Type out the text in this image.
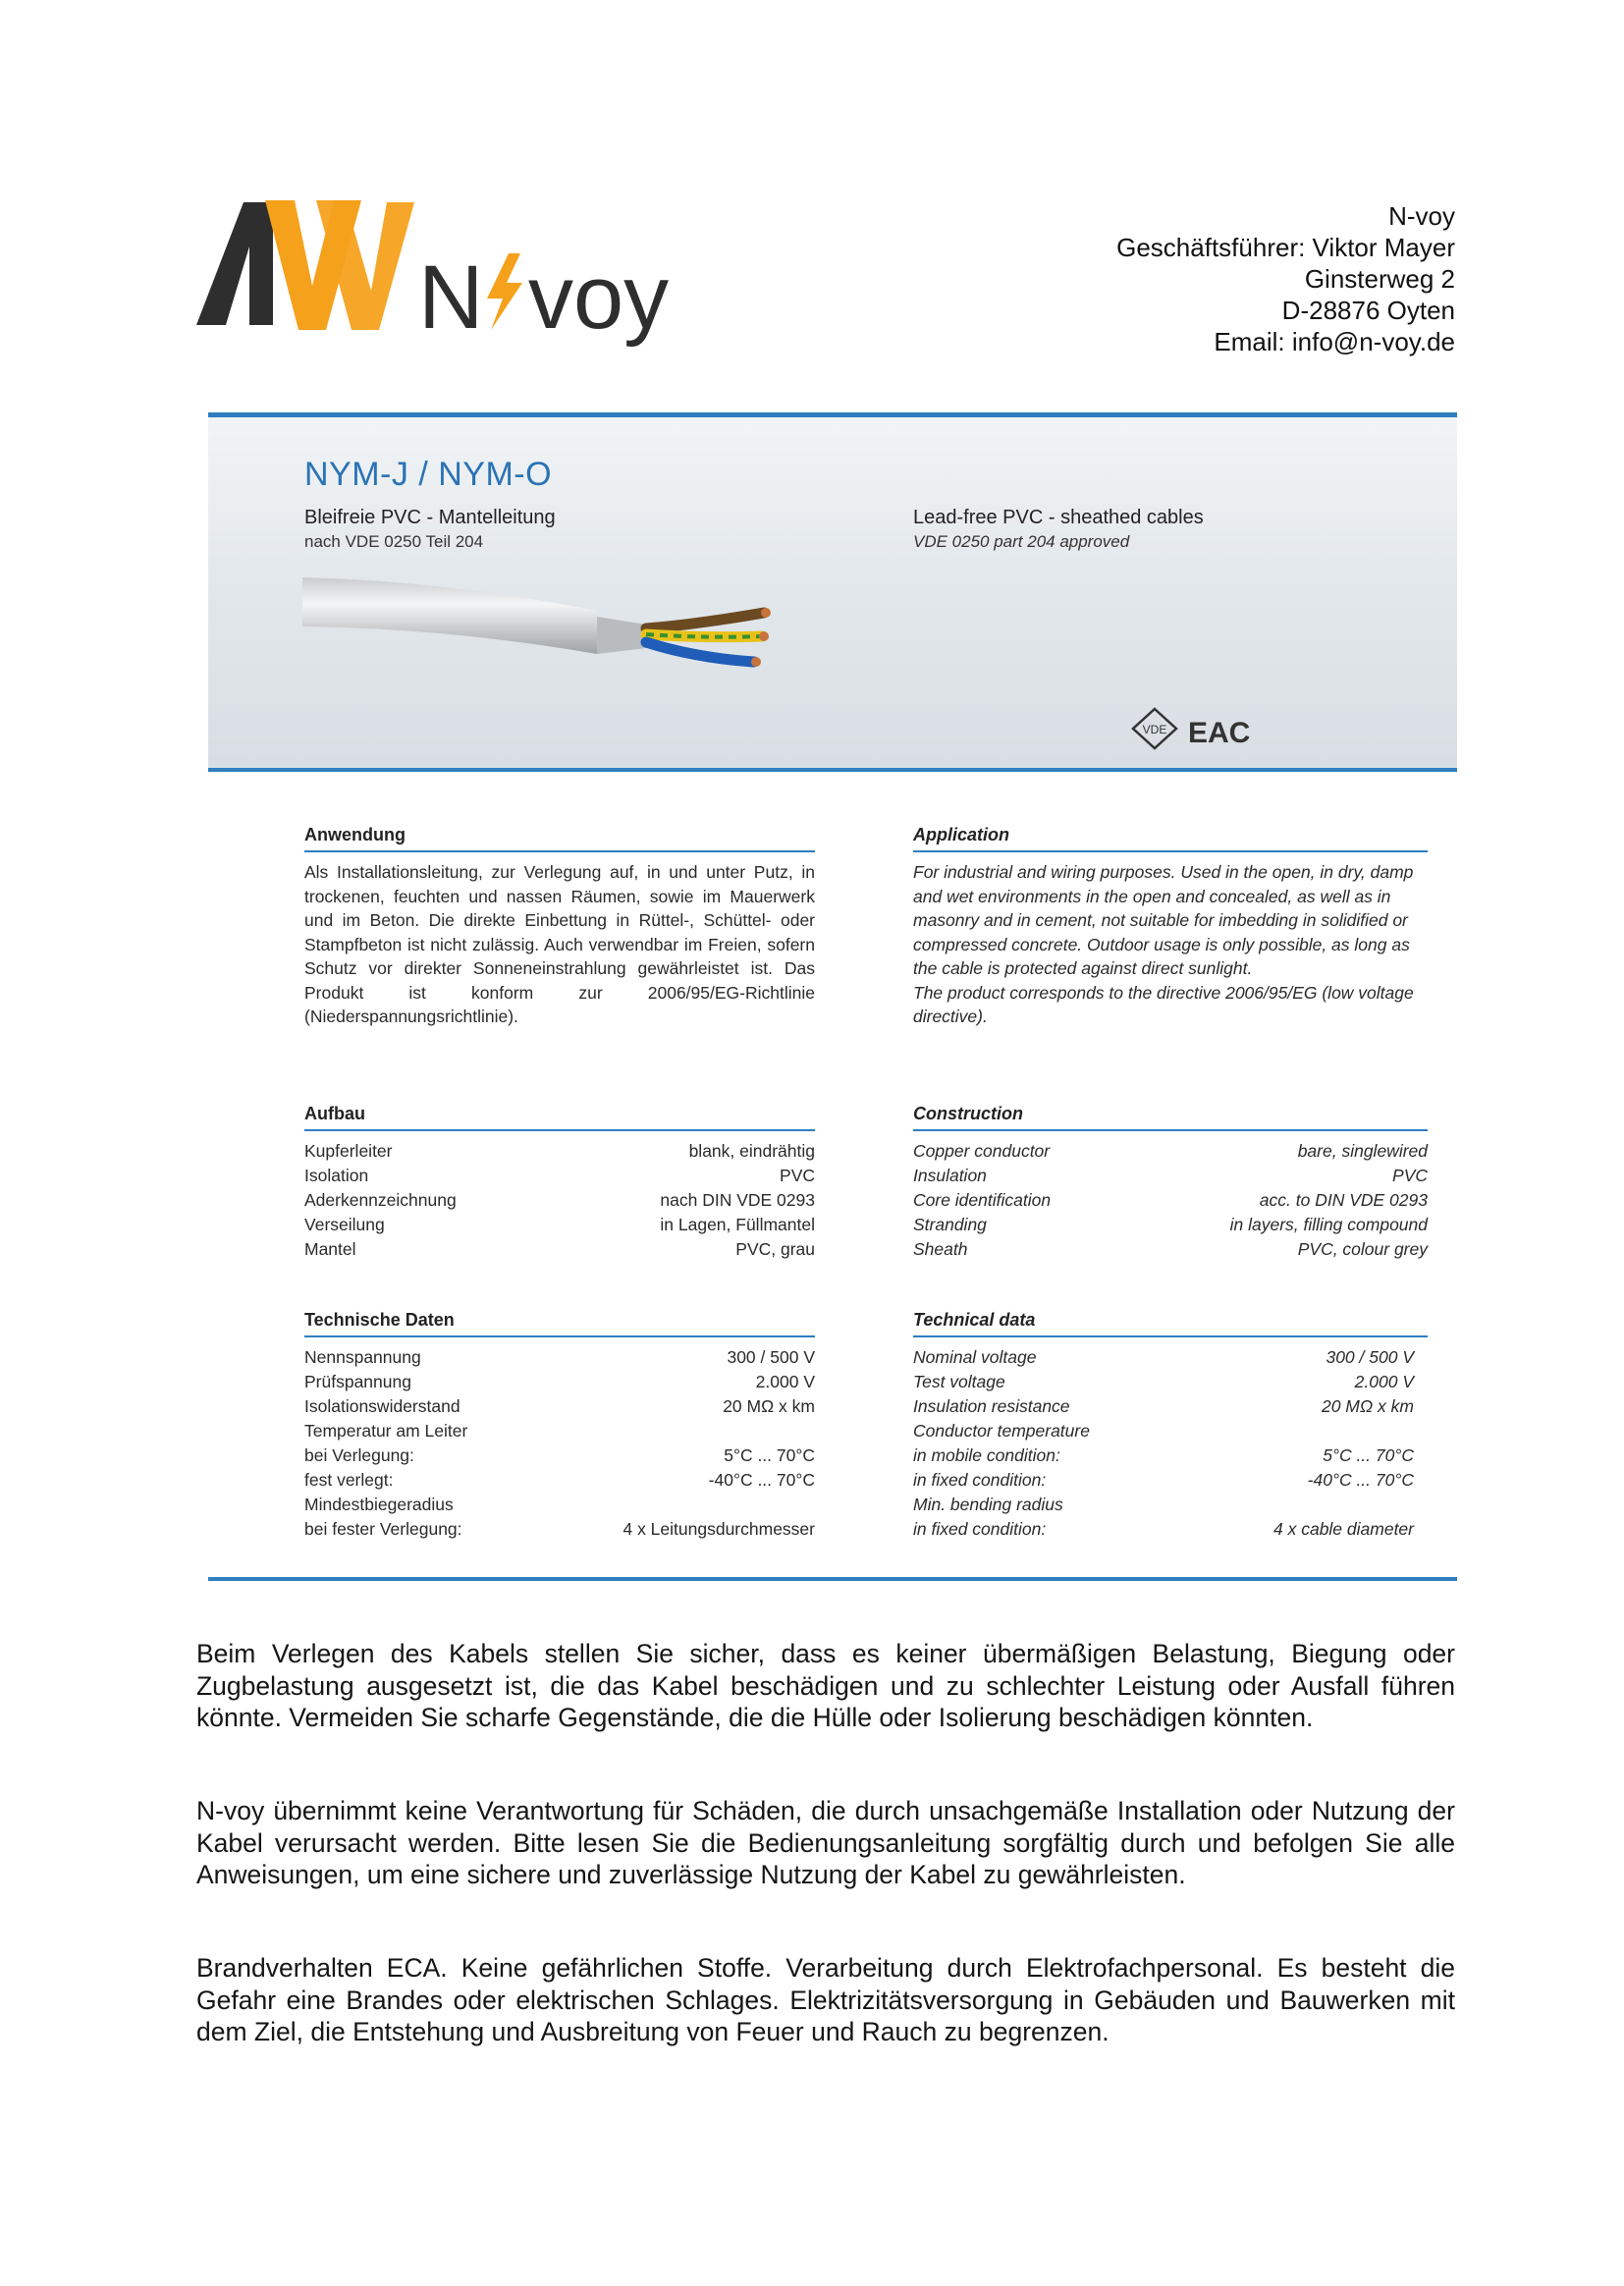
N voy
N-voy
Geschäftsführer: Viktor Mayer
Ginsterweg 2
D-28876 Oyten
Email: info@n-voy.de
NYM-J / NYM-O
Bleifreie PVC - Mantelleitung
nach VDE 0250 Teil 204
Lead-free PVC - sheathed cables
VDE 0250 part 204 approved
VDE EAC
Anwendung
Als Installationsleitung, zur Verlegung auf, in und unter Putz, in trockenen, feuchten und nassen Räumen, sowie im Mauerwerk und im Beton. Die direkte Einbettung in Rüttel-, Schüttel- oder Stampfbeton ist nicht zulässig. Auch verwendbar im Freien, sofern Schutz vor direkter Sonneneinstrahlung gewährleistet ist. Das Produkt ist konform zur 2006/95/EG-Richtlinie (Niederspannungsrichtlinie).
Application
For industrial and wiring purposes. Used in the open, in dry, damp and wet environments in the open and concealed, as well as in masonry and in cement, not suitable for imbedding in solidified or compressed concrete. Outdoor usage is only possible, as long as the cable is protected against direct sunlight.
The product corresponds to the directive 2006/95/EG (low voltage directive).
Aufbau
Kupferleiter	blank, eindrähtig
Isolation	PVC
Aderkennzeichnung	nach DIN VDE 0293
Verseilung	in Lagen, Füllmantel
Mantel	PVC, grau
Construction
Copper conductor	bare, singlewired
Insulation	PVC
Core identification	acc. to DIN VDE 0293
Stranding	in layers, filling compound
Sheath	PVC, colour grey
Technische Daten
Nennspannung	300 / 500 V
Prüfspannung	2.000 V
Isolationswiderstand	20 MΩ x km
Temperatur am Leiter
bei Verlegung:	5°C ... 70°C
fest verlegt:	-40°C ... 70°C
Mindestbiegeradius
bei fester Verlegung:	4 x Leitungsdurchmesser
Technical data
Nominal voltage	300 / 500 V
Test voltage	2.000 V
Insulation resistance	20 MΩ x km
Conductor temperature
in mobile condition:	5°C ... 70°C
in fixed condition:	-40°C ... 70°C
Min. bending radius
in fixed condition:	4 x cable diameter
Beim Verlegen des Kabels stellen Sie sicher, dass es keiner übermäßigen Belastung, Biegung oder Zugbelastung ausgesetzt ist, die das Kabel beschädigen und zu schlechter Leistung oder Ausfall führen könnte. Vermeiden Sie scharfe Gegenstände, die die Hülle oder Isolierung beschädigen könnten.
N-voy übernimmt keine Verantwortung für Schäden, die durch unsachgemäße Installation oder Nutzung der Kabel verursacht werden. Bitte lesen Sie die Bedienungsanleitung sorgfältig durch und befolgen Sie alle Anweisungen, um eine sichere und zuverlässige Nutzung der Kabel zu gewährleisten.
Brandverhalten ECA. Keine gefährlichen Stoffe. Verarbeitung durch Elektrofachpersonal. Es besteht die Gefahr eine Brandes oder elektrischen Schlages. Elektrizitätsversorgung in Gebäuden und Bauwerken mit dem Ziel, die Entstehung und Ausbreitung von Feuer und Rauch zu begrenzen.
